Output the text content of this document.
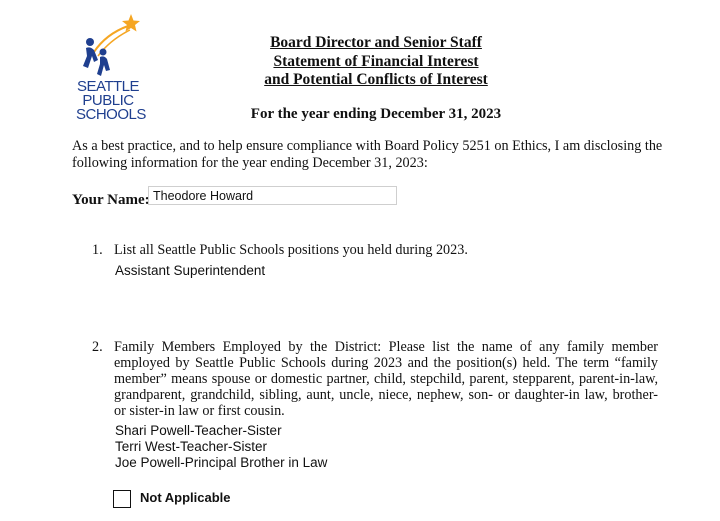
SEATTLE
PUBLIC
SCHOOLS
Board Director and Senior Staff
Statement of Financial Interest
and Potential Conflicts of Interest
For the year ending December 31, 2023
As a best practice, and to help ensure compliance with Board Policy 5251 on Ethics, I am disclosing the following information for the year ending December 31, 2023:
Your Name: Theodore Howard
1. List all Seattle Public Schools positions you held during 2023.
Assistant Superintendent
2. Family Members Employed by the District: Please list the name of any family member employed by Seattle Public Schools during 2023 and the position(s) held. The term “family member” means spouse or domestic partner, child, stepchild, parent, stepparent, parent-in-law, grandparent, grandchild, sibling, aunt, uncle, niece, nephew, son- or daughter-in law, brother- or sister-in law or first cousin.
Shari Powell-Teacher-Sister
Terri West-Teacher-Sister
Joe Powell-Principal Brother in Law
Not Applicable
